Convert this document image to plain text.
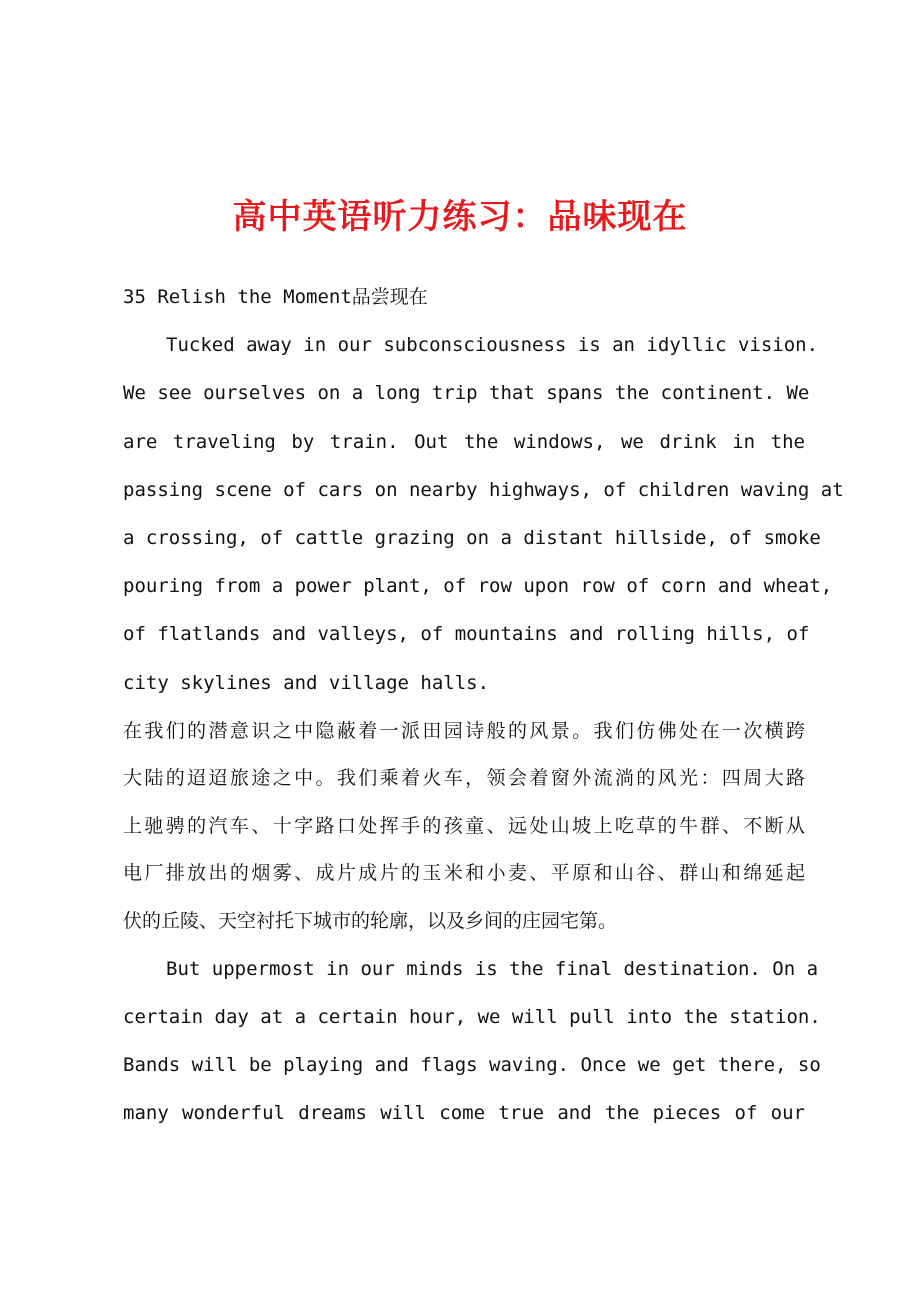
高中英语听力练习：品味现在
35 Relish the Moment品尝现在
Tucked away in our subconsciousness is an idyllic vision.
We see ourselves on a long trip that spans the continent. We
are traveling by train. Out the windows, we drink in the
passing scene of cars on nearby highways, of children waving at
a crossing, of cattle grazing on a distant hillside, of smoke
pouring from a power plant, of row upon row of corn and wheat,
of flatlands and valleys, of mountains and rolling hills, of
city skylines and village halls.
在我们的潜意识之中隐蔽着一派田园诗般的风景。我们仿佛处在一次横跨
大陆的迢迢旅途之中。我们乘着火车，领会着窗外流淌的风光：四周大路
上驰骋的汽车、十字路口处挥手的孩童、远处山坡上吃草的牛群、不断从
电厂排放出的烟雾、成片成片的玉米和小麦、平原和山谷、群山和绵延起
伏的丘陵、天空衬托下城市的轮廓，以及乡间的庄园宅第。
But uppermost in our minds is the final destination. On a
certain day at a certain hour, we will pull into the station.
Bands will be playing and flags waving. Once we get there, so
many wonderful dreams will come true and the pieces of our
